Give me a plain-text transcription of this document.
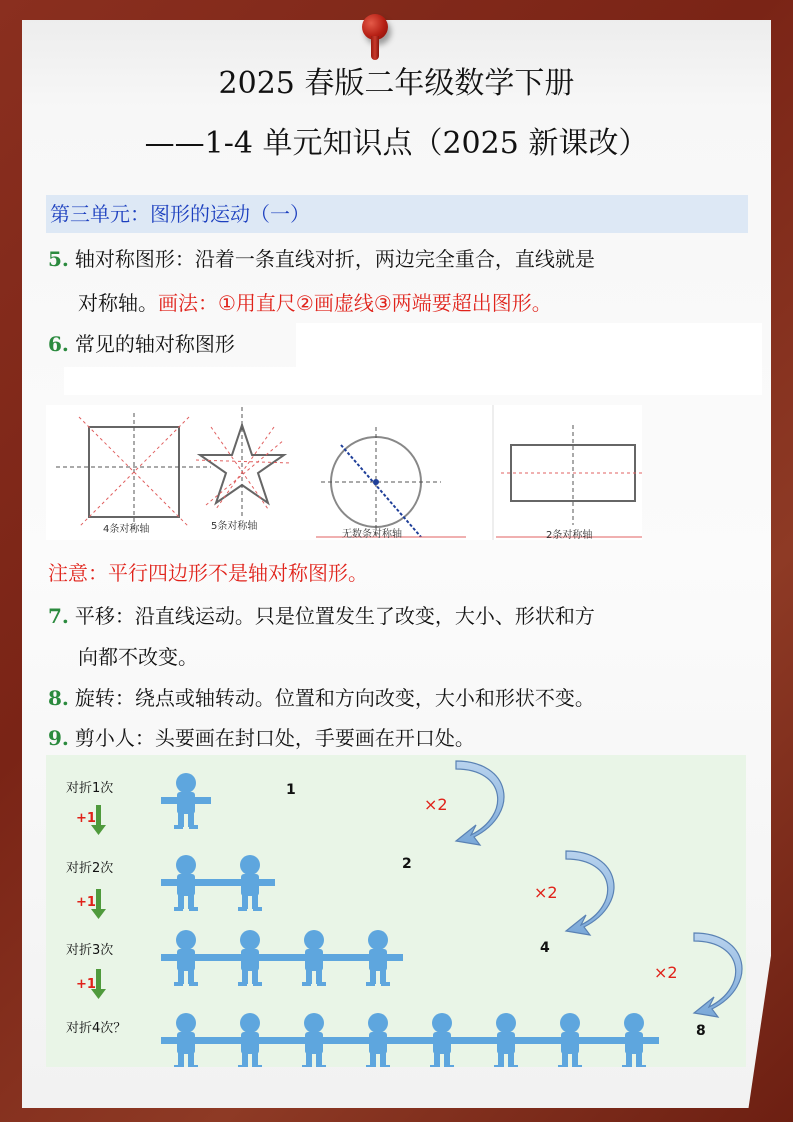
2025 春版二年级数学下册
——1-4 单元知识点（2025 新课改）
第三单元：图形的运动（一）
5. 轴对称图形：沿着一条直线对折，两边完全重合，直线就是
对称轴。画法：①用直尺②画虚线③两端要超出图形。
6. 常见的轴对称图形
4条对称轴	5条对称轴
无数条对称轴	2条对称轴
注意：平行四边形不是轴对称图形。
7. 平移：沿直线运动。只是位置发生了改变，大小、形状和方
向都不改变。
8. 旋转：绕点或轴转动。位置和方向改变，大小和形状不变。
9. 剪小人：头要画在封口处，手要画在开口处。
对折1次
+1
对折2次
+1
对折3次
+1
对折4次？
1
2
4
8
×2
×2
×2
